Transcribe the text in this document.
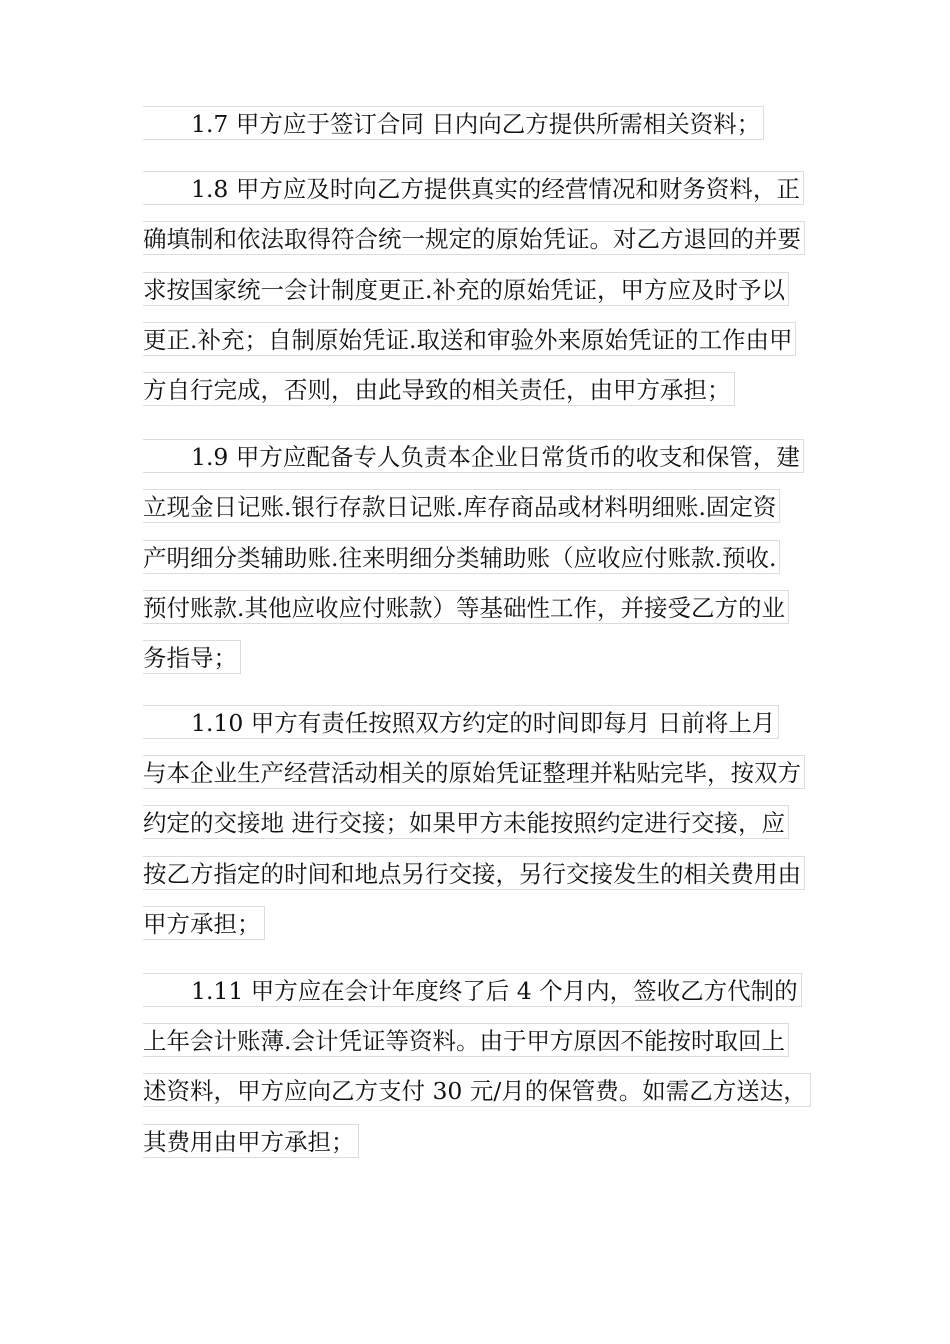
1.7 甲方应于签订合同 日内向乙方提供所需相关资料；
1.8 甲方应及时向乙方提供真实的经营情况和财务资料，正
确填制和依法取得符合统一规定的原始凭证。对乙方退回的并要
求按国家统一会计制度更正.补充的原始凭证，甲方应及时予以
更正.补充；自制原始凭证.取送和审验外来原始凭证的工作由甲
方自行完成，否则，由此导致的相关责任，由甲方承担；
1.9 甲方应配备专人负责本企业日常货币的收支和保管，建
立现金日记账.银行存款日记账.库存商品或材料明细账.固定资
产明细分类辅助账.往来明细分类辅助账（应收应付账款.预收.
预付账款.其他应收应付账款）等基础性工作，并接受乙方的业
务指导；
1.10 甲方有责任按照双方约定的时间即每月 日前将上月
与本企业生产经营活动相关的原始凭证整理并粘贴完毕，按双方
约定的交接地 进行交接；如果甲方未能按照约定进行交接，应
按乙方指定的时间和地点另行交接，另行交接发生的相关费用由
甲方承担；
1.11 甲方应在会计年度终了后 4 个月内，签收乙方代制的
上年会计账薄.会计凭证等资料。由于甲方原因不能按时取回上
述资料，甲方应向乙方支付 30 元/月的保管费。如需乙方送达，
其费用由甲方承担；
